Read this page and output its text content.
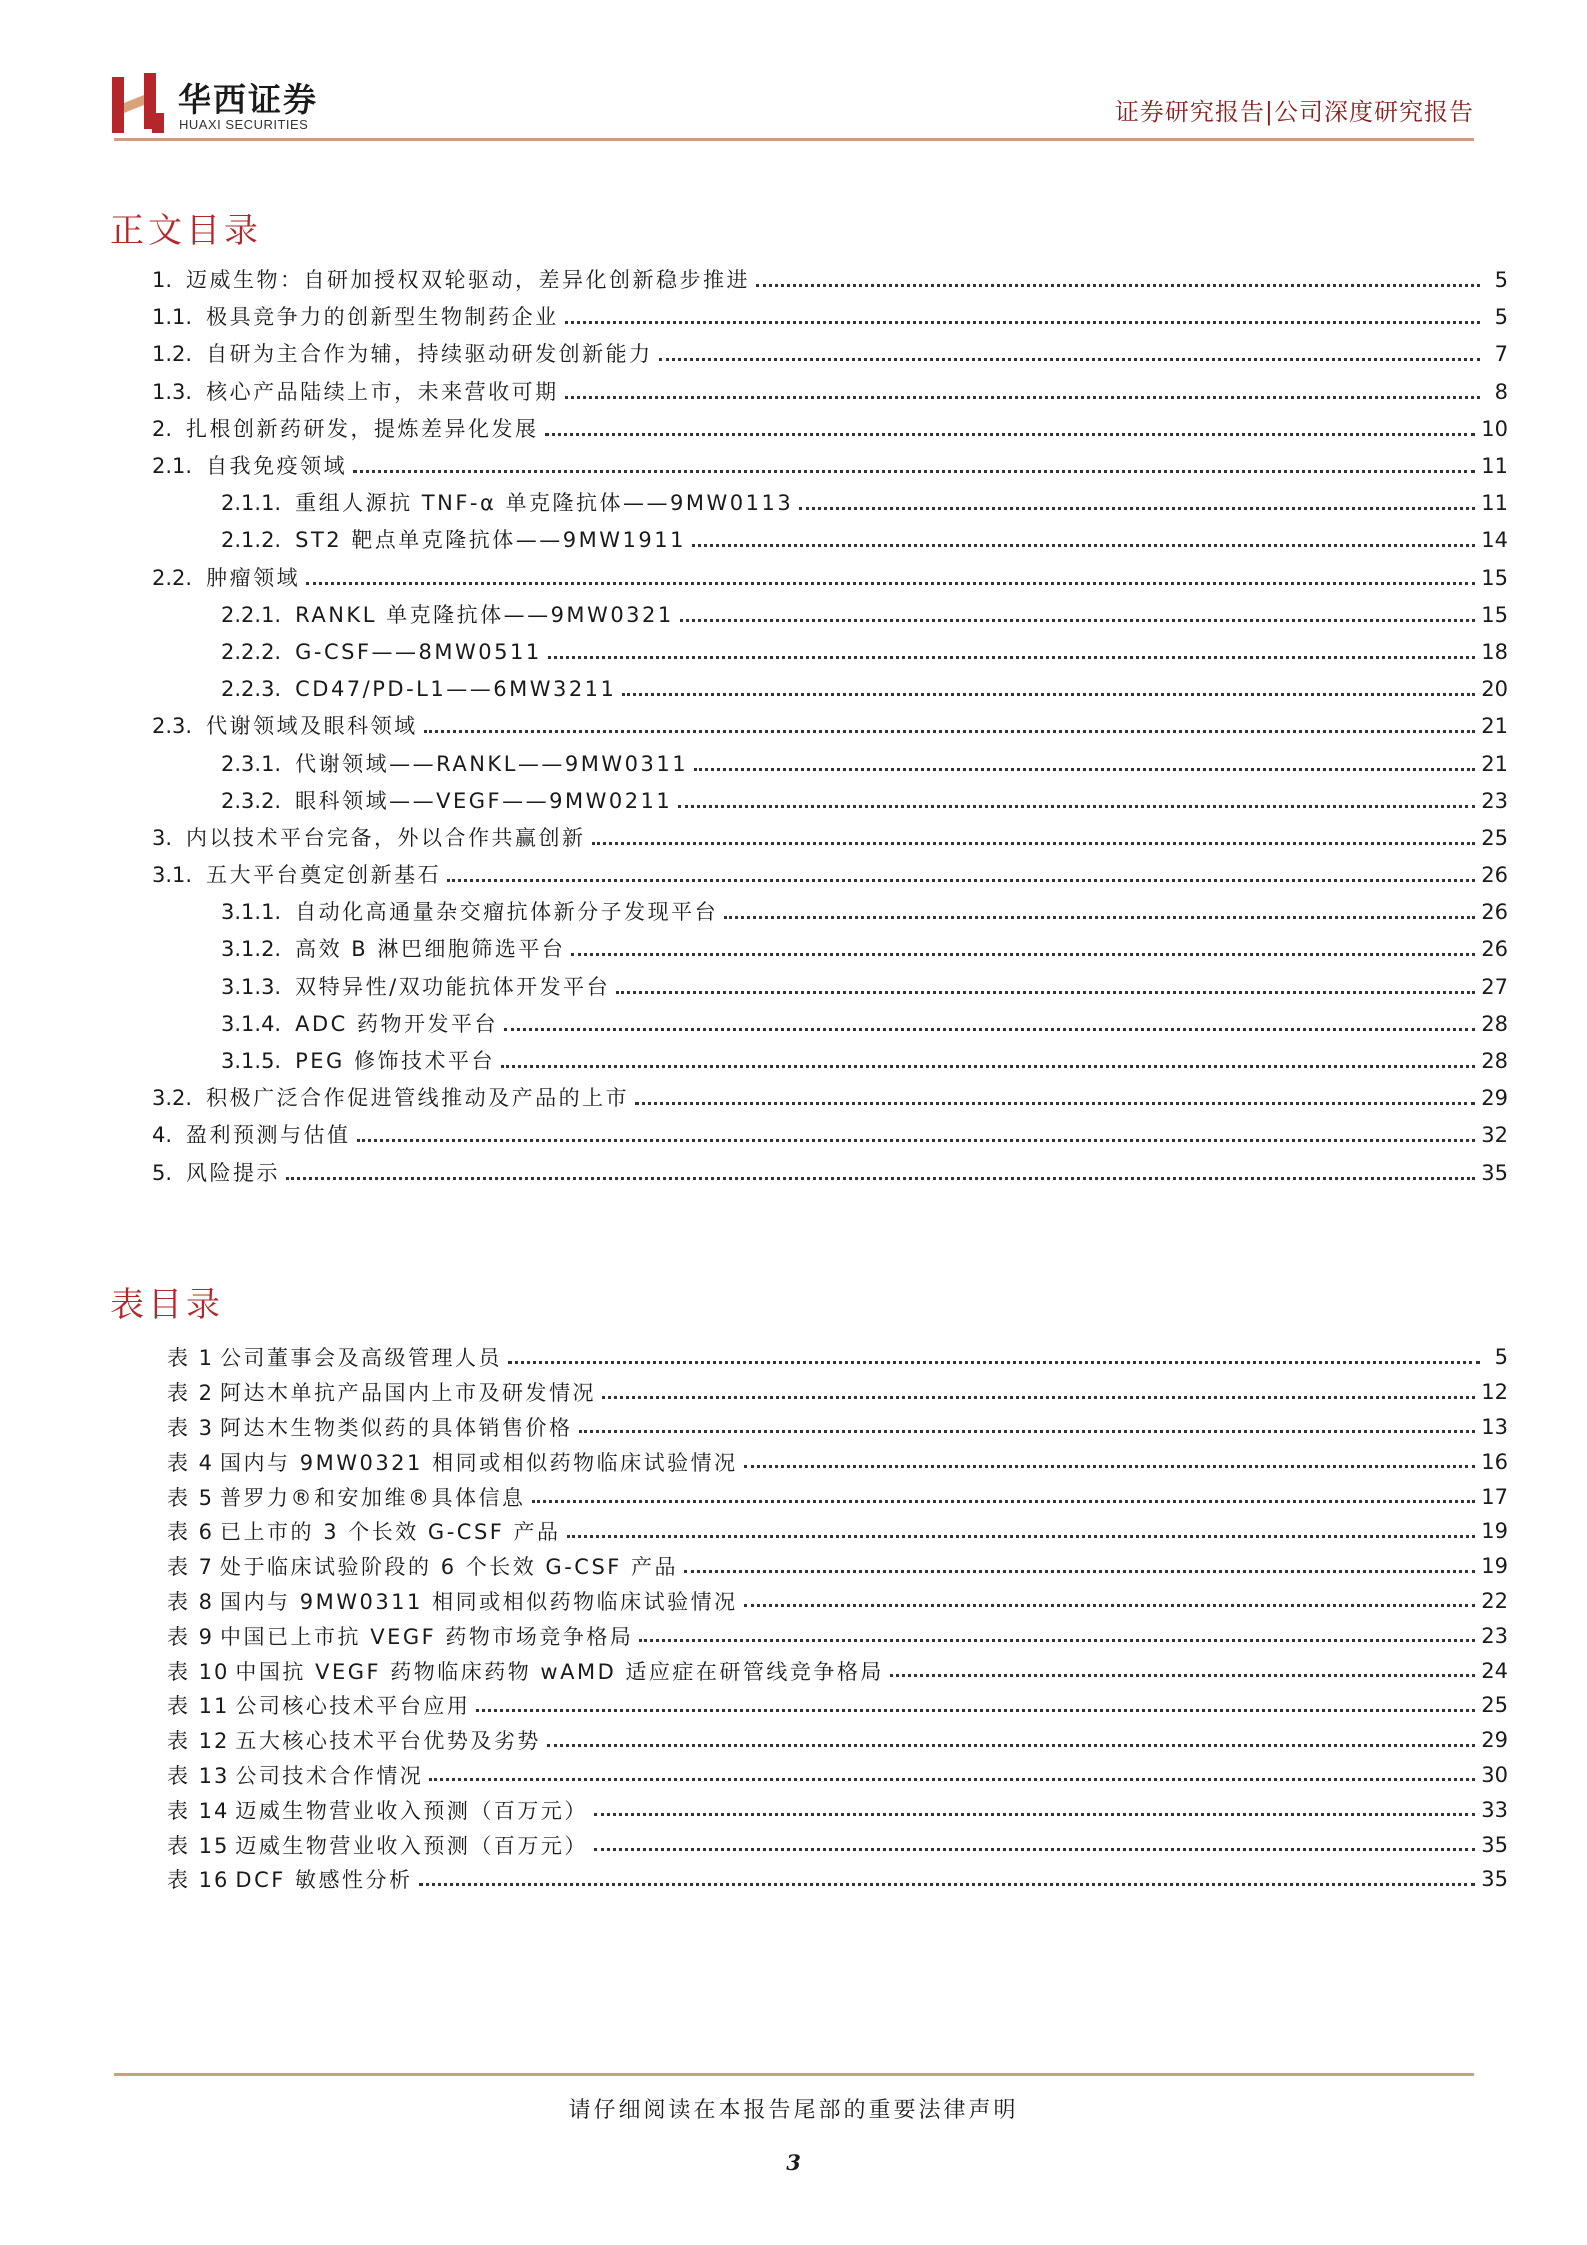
华西证券
HUAXI SECURITIES	证券研究报告|公司深度研究报告
正文目录
1. 迈威生物：自研加授权双轮驱动，差异化创新稳步推进	5
1.1. 极具竞争力的创新型生物制药企业	5
1.2. 自研为主合作为辅，持续驱动研发创新能力	7
1.3. 核心产品陆续上市，未来营收可期	8
2. 扎根创新药研发，提炼差异化发展	10
2.1. 自我免疫领域	11
2.1.1. 重组人源抗 TNF-α 单克隆抗体——9MW0113	11
2.1.2. ST2 靶点单克隆抗体——9MW1911	14
2.2. 肿瘤领域	15
2.2.1. RANKL 单克隆抗体——9MW0321	15
2.2.2. G-CSF——8MW0511	18
2.2.3. CD47/PD-L1——6MW3211	20
2.3. 代谢领域及眼科领域	21
2.3.1. 代谢领域——RANKL——9MW0311	21
2.3.2. 眼科领域——VEGF——9MW0211	23
3. 内以技术平台完备，外以合作共赢创新	25
3.1. 五大平台奠定创新基石	26
3.1.1. 自动化高通量杂交瘤抗体新分子发现平台	26
3.1.2. 高效 B 淋巴细胞筛选平台	26
3.1.3. 双特异性/双功能抗体开发平台	27
3.1.4. ADC 药物开发平台	28
3.1.5. PEG 修饰技术平台	28
3.2. 积极广泛合作促进管线推动及产品的上市	29
4. 盈利预测与估值	32
5. 风险提示	35
表目录
表 1 公司董事会及高级管理人员	5
表 2 阿达木单抗产品国内上市及研发情况	12
表 3 阿达木生物类似药的具体销售价格	13
表 4 国内与 9MW0321 相同或相似药物临床试验情况	16
表 5 普罗力®和安加维®具体信息	17
表 6 已上市的 3 个长效 G-CSF 产品	19
表 7 处于临床试验阶段的 6 个长效 G-CSF 产品	19
表 8 国内与 9MW0311 相同或相似药物临床试验情况	22
表 9 中国已上市抗 VEGF 药物市场竞争格局	23
表 10 中国抗 VEGF 药物临床药物 wAMD 适应症在研管线竞争格局	24
表 11 公司核心技术平台应用	25
表 12 五大核心技术平台优势及劣势	29
表 13 公司技术合作情况	30
表 14 迈威生物营业收入预测（百万元）	33
表 15 迈威生物营业收入预测（百万元）	35
表 16 DCF 敏感性分析	35
请仔细阅读在本报告尾部的重要法律声明
3
